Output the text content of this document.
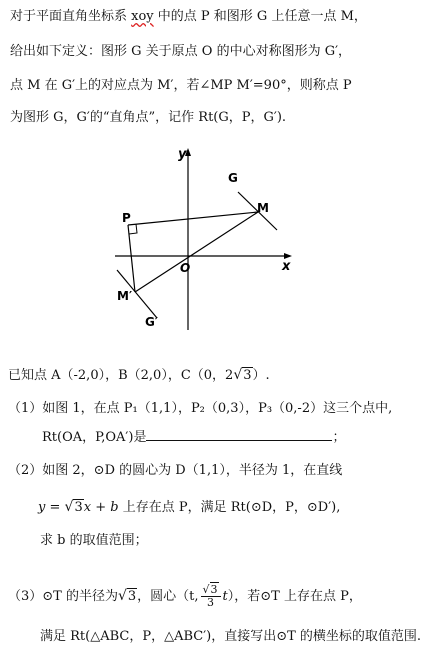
对于平面直角坐标系 xoy 中的点 P 和图形 G 上任意一点 M，
给出如下定义：图形 G 关于原点 O 的中心对称图形为 G′，
点 M 在 G′上的对应点为 M′，若∠MP M′=90°，则称点 P
为图形 G，G′的“直角点”，记作 Rt(G，P，G′).
y
x
O
P
M
G
M′
G′
已知点 A（-2,0），B（2,0），C（0，2√3）.
（1）如图 1，在点 P₁（1,1），P₂（0,3），P₃（0,-2）这三个点中,
Rt(OA，P,OA′)是	；
（2）如图 2，⊙D 的圆心为 D（1,1），半径为 1，在直线
y = √3x + b 上存在点 P，满足 Rt(⊙D，P，⊙D′),
求 b 的取值范围；
（3）⊙T 的半径为√3，圆心（t, $\frac{√3}{3} t$），若⊙T 上存在点 P，
满足 Rt(△ABC，P，△ABC′)，直接写出⊙T 的横坐标的取值范围.
